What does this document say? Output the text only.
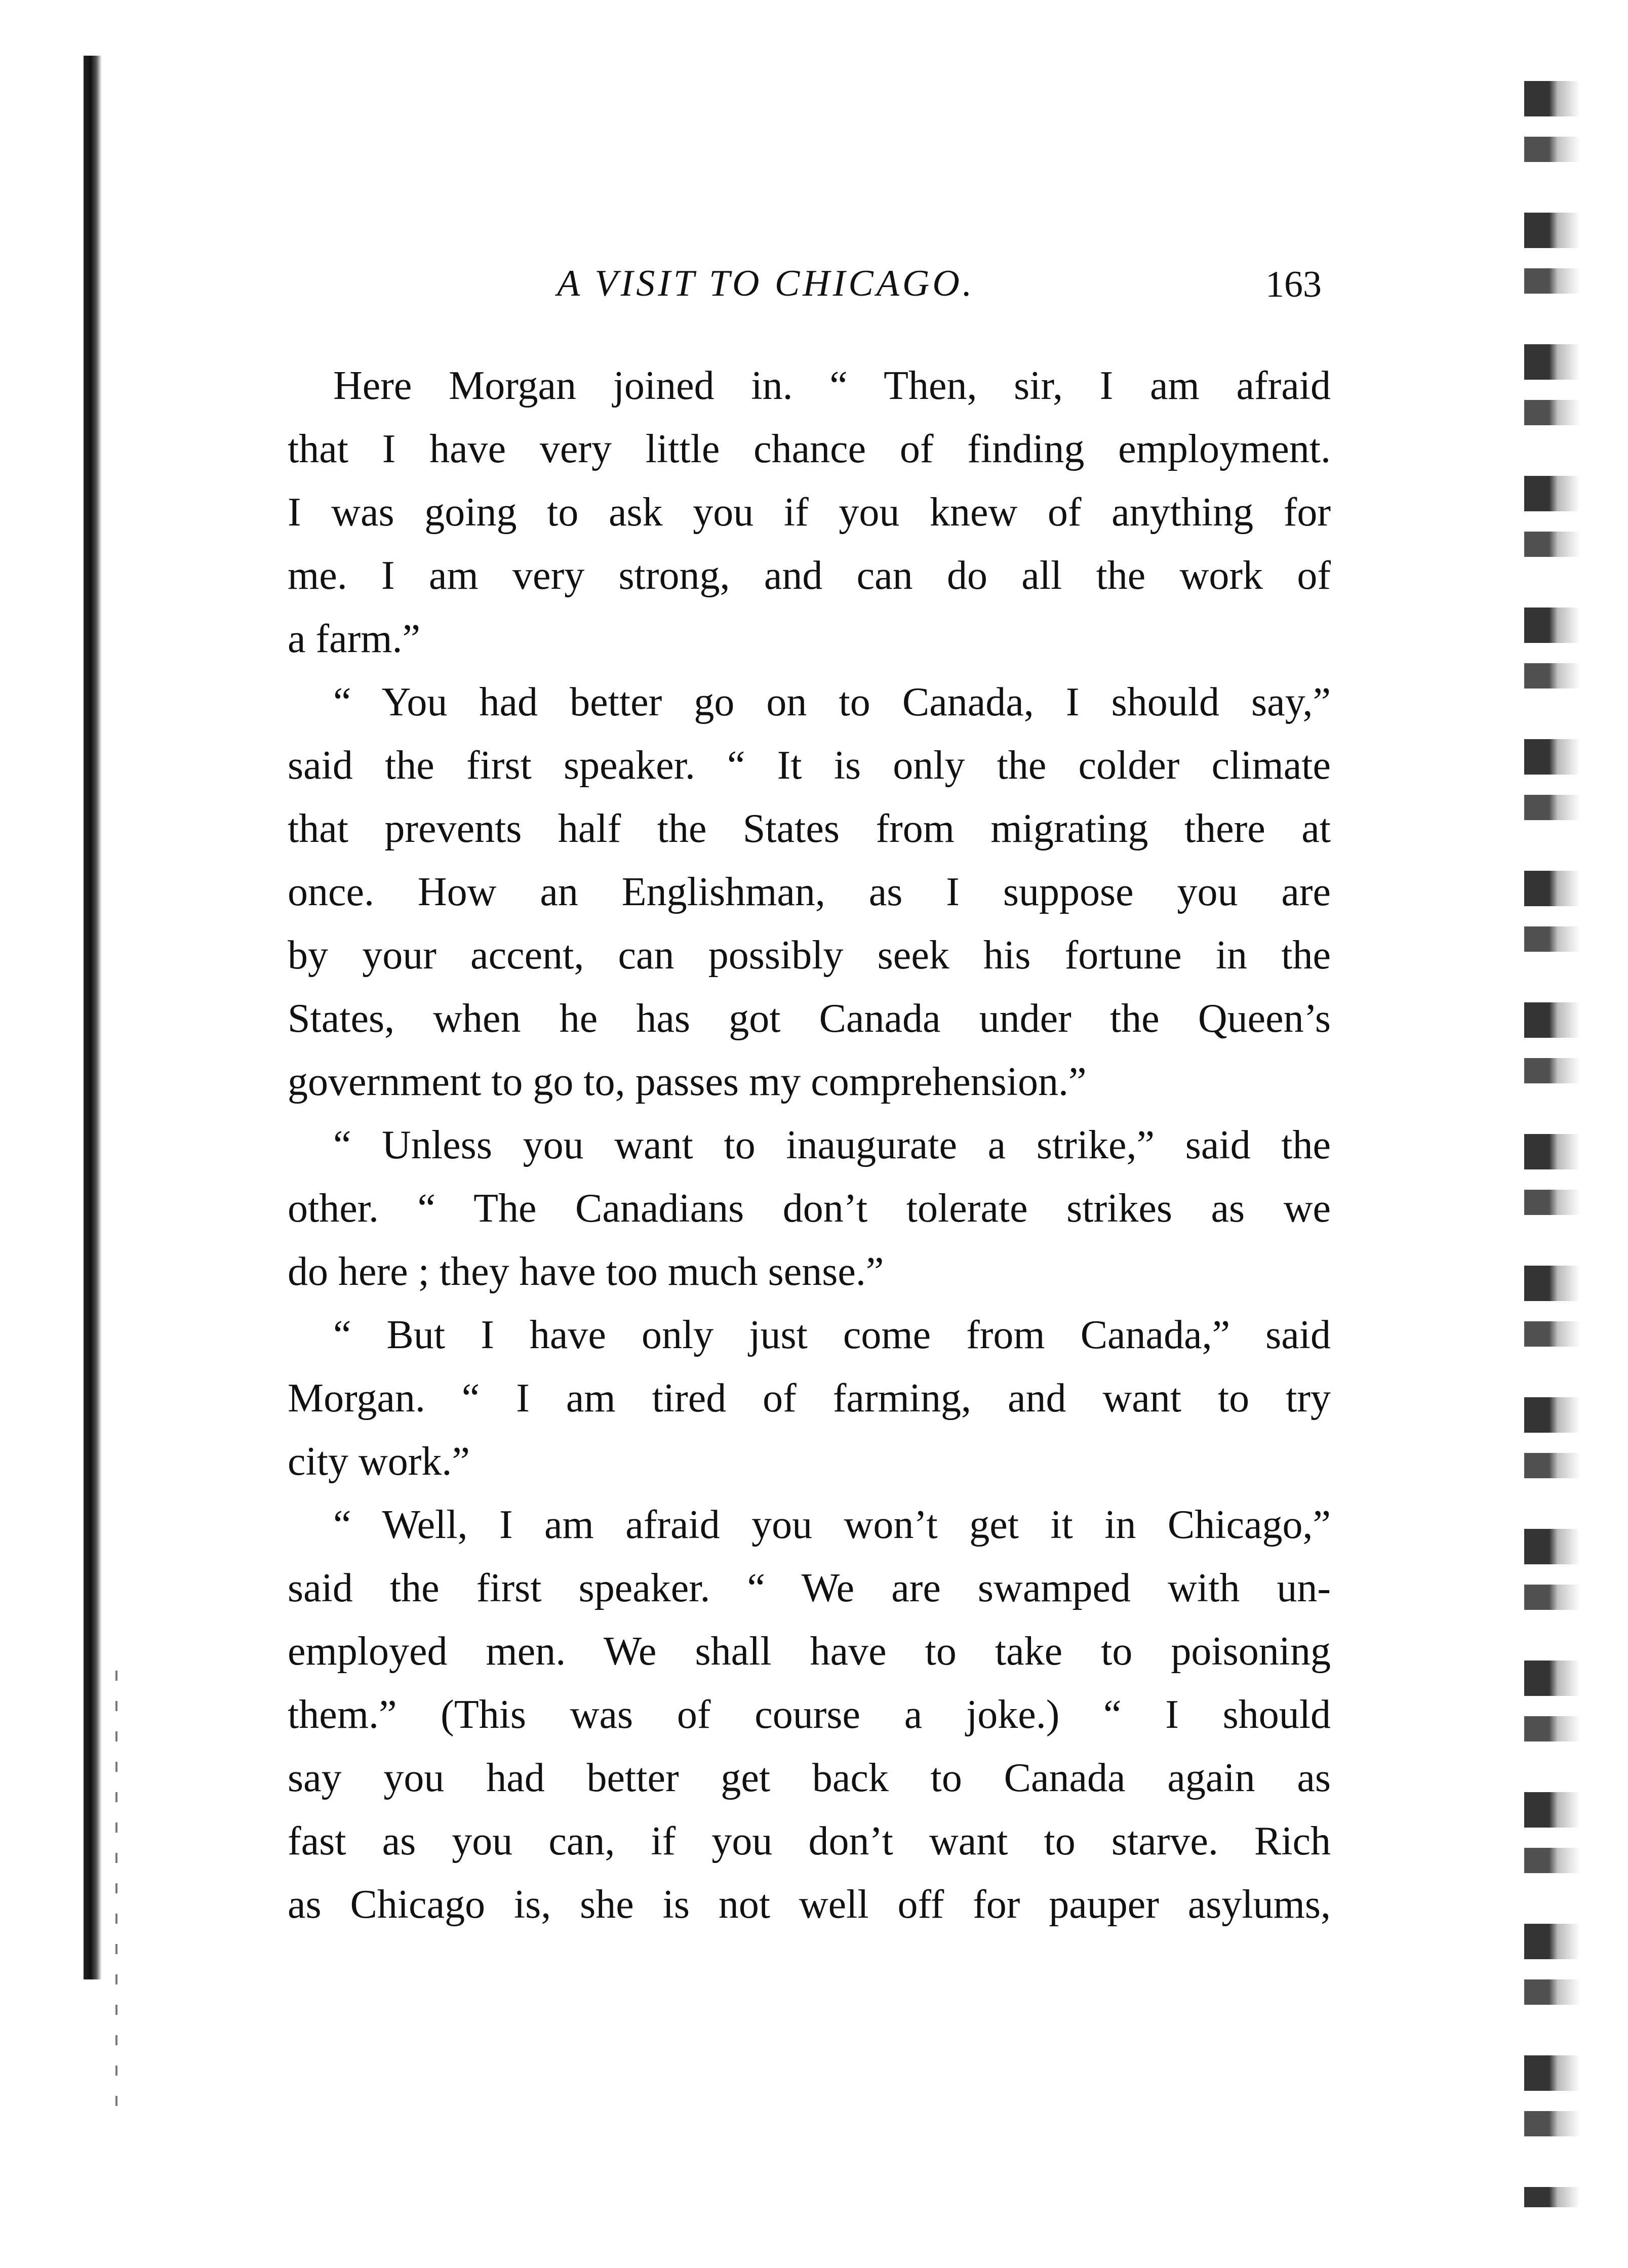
A VISIT TO CHICAGO.	163
Here Morgan joined in. “ Then, sir, I am afraid
that I have very little chance of finding employment.
I was going to ask you if you knew of anything for
me. I am very strong, and can do all the work of
a farm.”
“ You had better go on to Canada, I should say,”
said the first speaker. “ It is only the colder climate
that prevents half the States from migrating there at
once. How an Englishman, as I suppose you are
by your accent, can possibly seek his fortune in the
States, when he has got Canada under the Queen’s
government to go to, passes my comprehension.”
“ Unless you want to inaugurate a strike,” said the
other. “ The Canadians don’t tolerate strikes as we
do here ; they have too much sense.”
“ But I have only just come from Canada,” said
Morgan. “ I am tired of farming, and want to try
city work.”
“ Well, I am afraid you won’t get it in Chicago,”
said the first speaker. “ We are swamped with un-
employed men. We shall have to take to poisoning
them.” (This was of course a joke.) “ I should
say you had better get back to Canada again as
fast as you can, if you don’t want to starve. Rich
as Chicago is, she is not well off for pauper asylums,
